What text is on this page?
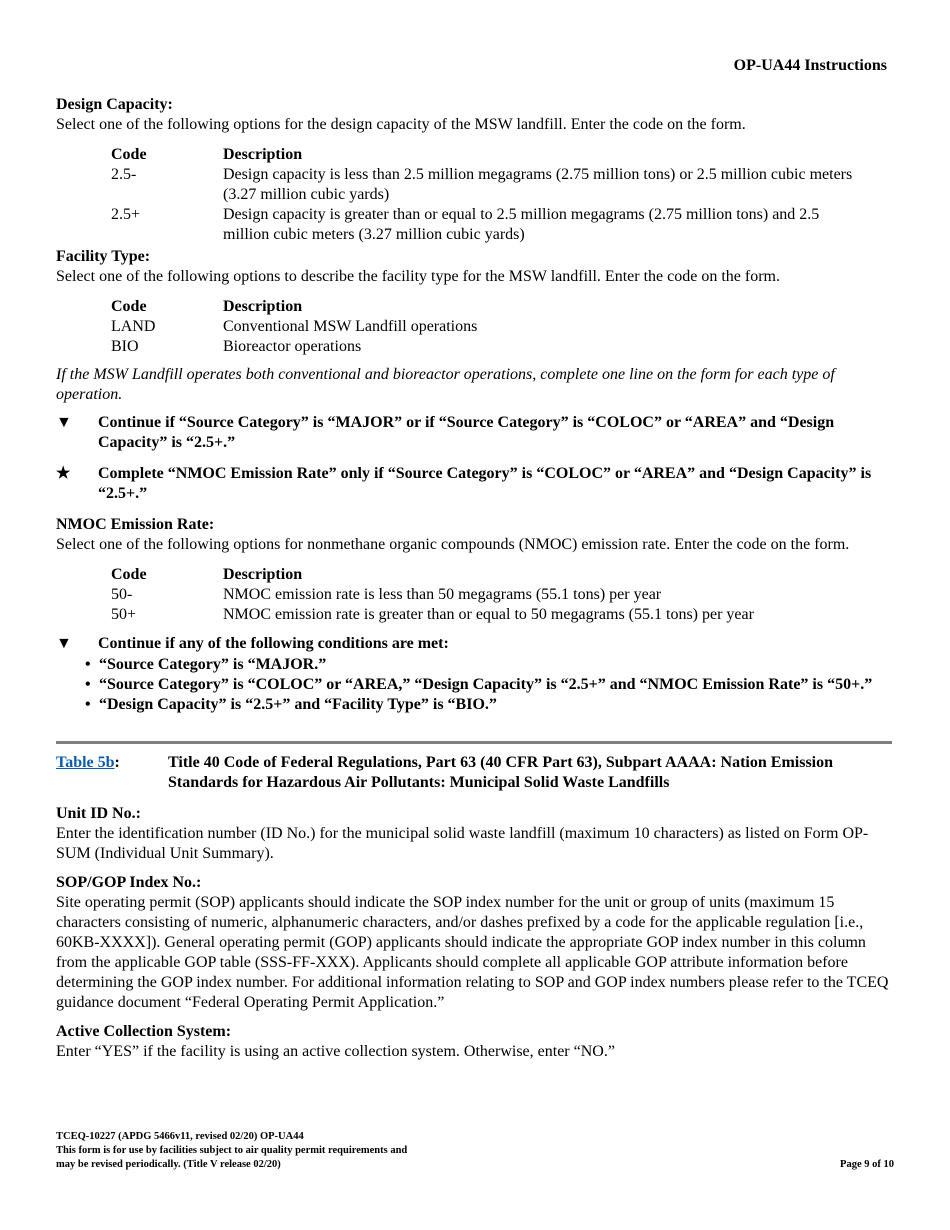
OP-UA44 Instructions

Design Capacity:

Select one of the following options for the design capacity of the MSW landfill. Enter the code on the form.

Code	Description
2.5-	Design capacity is less than 2.5 million megagrams (2.75 million tons) or 2.5 million cubic meters (3.27 million cubic yards)
2.5+	Design capacity is greater than or equal to 2.5 million megagrams (2.75 million tons) and 2.5 million cubic meters (3.27 million cubic yards)

Facility Type:

Select one of the following options to describe the facility type for the MSW landfill. Enter the code on the form.

Code	Description
LAND	Conventional MSW Landfill operations
BIO	Bioreactor operations

If the MSW Landfill operates both conventional and bioreactor operations, complete one line on the form for each type of operation.

▼	Continue if “Source Category” is “MAJOR” or if “Source Category” is “COLOC” or “AREA” and “Design Capacity” is “2.5+.”
★	Complete “NMOC Emission Rate” only if “Source Category” is “COLOC” or “AREA” and “Design Capacity” is “2.5+.”

NMOC Emission Rate:

Select one of the following options for nonmethane organic compounds (NMOC) emission rate. Enter the code on the form.

Code	Description
50-	NMOC emission rate is less than 50 megagrams (55.1 tons) per year
50+	NMOC emission rate is greater than or equal to 50 megagrams (55.1 tons) per year
▼	Continue if any of the following conditions are met:
• “Source Category” is “MAJOR.”
• “Source Category” is “COLOC” or “AREA,” “Design Capacity” is “2.5+” and “NMOC Emission Rate” is “50+.”
• “Design Capacity” is “2.5+” and “Facility Type” is “BIO.”
Table 5b:	Title 40 Code of Federal Regulations, Part 63 (40 CFR Part 63), Subpart AAAA: Nation Emission Standards for Hazardous Air Pollutants: Municipal Solid Waste Landfills

Unit ID No.:

Enter the identification number (ID No.) for the municipal solid waste landfill (maximum 10 characters) as listed on Form OP-SUM (Individual Unit Summary).

SOP/GOP Index No.:

Site operating permit (SOP) applicants should indicate the SOP index number for the unit or group of units (maximum 15 characters consisting of numeric, alphanumeric characters, and/or dashes prefixed by a code for the applicable regulation [i.e., 60KB-XXXX]). General operating permit (GOP) applicants should indicate the appropriate GOP index number in this column from the applicable GOP table (SSS-FF-XXX). Applicants should complete all applicable GOP attribute information before determining the GOP index number. For additional information relating to SOP and GOP index numbers please refer to the TCEQ guidance document “Federal Operating Permit Application.”

Active Collection System:

Enter “YES” if the facility is using an active collection system. Otherwise, enter “NO.”

TCEQ-10227 (APDG 5466v11, revised 02/20) OP-UA44
This form is for use by facilities subject to air quality permit requirements and
may be revised periodically. (Title V release 02/20)	Page 9 of 10
